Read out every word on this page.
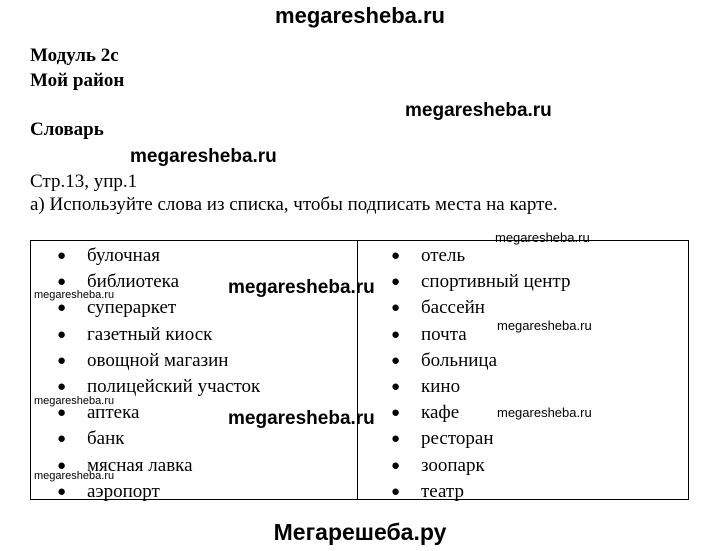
megaresheba.ru
Модуль 2c
Мой район
megaresheba.ru
Словарь
megaresheba.ru
Стр.13, упр.1
a) Используйте слова из списка, чтобы подписать места на карте.
● булочная
● библиотека
● супераркет
● газетный киоск
● овощной магазин
● полицейский участок
● аптека
● банк
● мясная лавка
● аэропорт
● отель
● спортивный центр
● бассейн
● почта
● больница
● кино
● кафе
● ресторан
● зоопарк
● театр
megaresheba.ru
megaresheba.ru
megaresheba.ru
megaresheba.ru
megaresheba.ru
megaresheba.ru	megaresheba.ru
megaresheba.ru
Мегарешеба.ру
